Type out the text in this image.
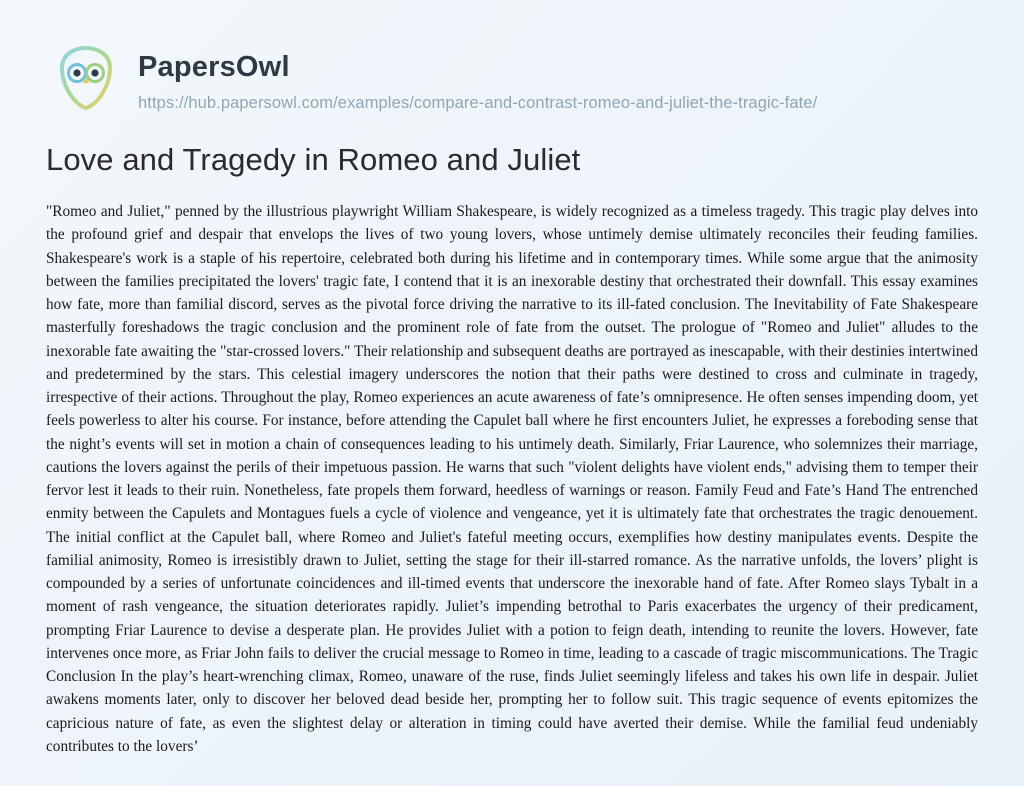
PapersOwl
https://hub.papersowl.com/examples/compare-and-contrast-romeo-and-juliet-the-tragic-fate/
Love and Tragedy in Romeo and Juliet

"Romeo and Juliet," penned by the illustrious playwright William Shakespeare, is widely recognized as a timeless tragedy. This tragic play delves into the profound grief and despair that envelops the lives of two young lovers, whose untimely demise ultimately reconciles their feuding families. Shakespeare's work is a staple of his repertoire, celebrated both during his lifetime and in contemporary times. While some argue that the animosity between the families precipitated the lovers' tragic fate, I contend that it is an inexorable destiny that orchestrated their downfall. This essay examines how fate, more than familial discord, serves as the pivotal force driving the narrative to its ill-fated conclusion. The Inevitability of Fate Shakespeare masterfully foreshadows the tragic conclusion and the prominent role of fate from the outset. The prologue of "Romeo and Juliet" alludes to the inexorable fate awaiting the "star-crossed lovers." Their relationship and subsequent deaths are portrayed as inescapable, with their destinies intertwined and predetermined by the stars. This celestial imagery underscores the notion that their paths were destined to cross and culminate in tragedy, irrespective of their actions. Throughout the play, Romeo experiences an acute awareness of fate’s omnipresence. He often senses impending doom, yet feels powerless to alter his course. For instance, before attending the Capulet ball where he first encounters Juliet, he expresses a foreboding sense that the night’s events will set in motion a chain of consequences leading to his untimely death. Similarly, Friar Laurence, who solemnizes their marriage, cautions the lovers against the perils of their impetuous passion. He warns that such "violent delights have violent ends," advising them to temper their fervor lest it leads to their ruin. Nonetheless, fate propels them forward, heedless of warnings or reason. Family Feud and Fate’s Hand The entrenched enmity between the Capulets and Montagues fuels a cycle of violence and vengeance, yet it is ultimately fate that orchestrates the tragic denouement. The initial conflict at the Capulet ball, where Romeo and Juliet's fateful meeting occurs, exemplifies how destiny manipulates events. Despite the familial animosity, Romeo is irresistibly drawn to Juliet, setting the stage for their ill-starred romance. As the narrative unfolds, the lovers’ plight is compounded by a series of unfortunate coincidences and ill-timed events that underscore the inexorable hand of fate. After Romeo slays Tybalt in a moment of rash vengeance, the situation deteriorates rapidly. Juliet’s impending betrothal to Paris exacerbates the urgency of their predicament, prompting Friar Laurence to devise a desperate plan. He provides Juliet with a potion to feign death, intending to reunite the lovers. However, fate intervenes once more, as Friar John fails to deliver the crucial message to Romeo in time, leading to a cascade of tragic miscommunications. The Tragic Conclusion In the play’s heart-wrenching climax, Romeo, unaware of the ruse, finds Juliet seemingly lifeless and takes his own life in despair. Juliet awakens moments later, only to discover her beloved dead beside her, prompting her to follow suit. This tragic sequence of events epitomizes the capricious nature of fate, as even the slightest delay or alteration in timing could have averted their demise. While the familial feud undeniably contributes to the lovers’
